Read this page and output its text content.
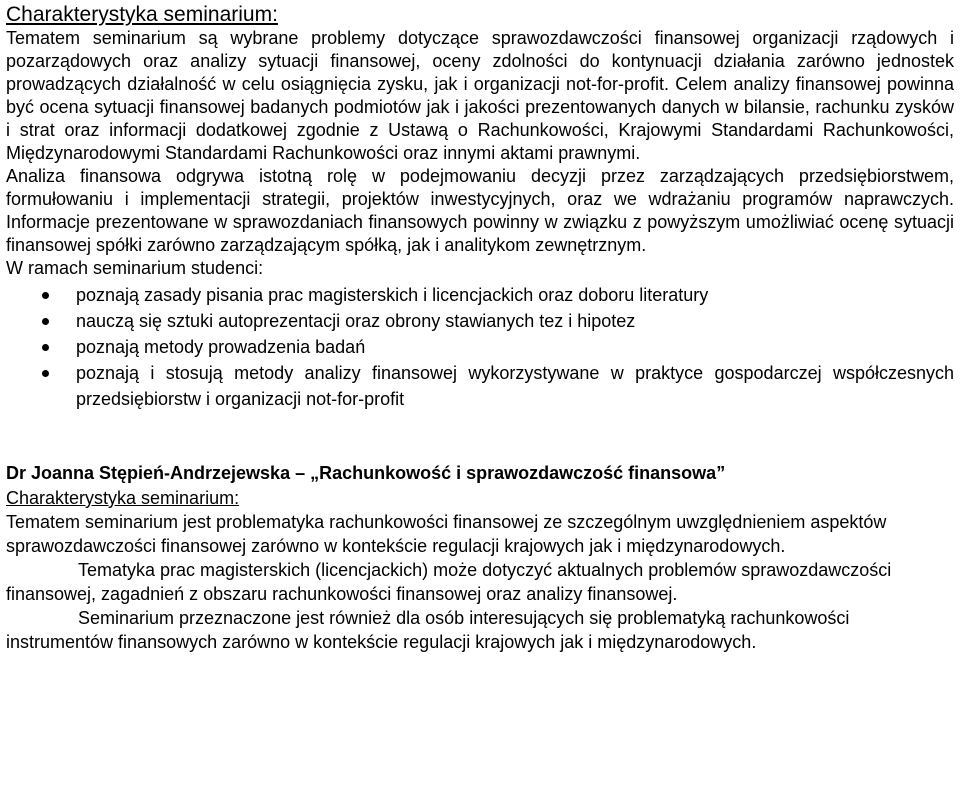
Charakterystyka seminarium:

Tematem seminarium są wybrane problemy dotyczące sprawozdawczości finansowej organizacji rządowych i pozarządowych oraz analizy sytuacji finansowej, oceny zdolności do kontynuacji działania zarówno jednostek prowadzących działalność w celu osiągnięcia zysku, jak i organizacji not-for-profit. Celem analizy finansowej powinna być ocena sytuacji finansowej badanych podmiotów jak i jakości prezentowanych danych w bilansie, rachunku zysków i strat oraz informacji dodatkowej zgodnie z Ustawą o Rachunkowości, Krajowymi Standardami Rachunkowości, Międzynarodowymi Standardami Rachunkowości oraz innymi aktami prawnymi.

Analiza finansowa odgrywa istotną rolę w podejmowaniu decyzji przez zarządzających przedsiębiorstwem, formułowaniu i implementacji strategii, projektów inwestycyjnych, oraz we wdrażaniu programów naprawczych. Informacje prezentowane w sprawozdaniach finansowych powinny w związku z powyższym umożliwiać ocenę sytuacji finansowej spółki zarówno zarządzającym spółką, jak i analitykom zewnętrznym.

W ramach seminarium studenci:

poznają zasady pisania prac magisterskich i licencjackich oraz doboru literatury
nauczą się sztuki autoprezentacji oraz obrony stawianych tez i hipotez
poznają metody prowadzenia badań
poznają i stosują metody analizy finansowej wykorzystywane w praktyce gospodarczej współczesnych przedsiębiorstw i organizacji not-for-profit

Dr Joanna Stępień-Andrzejewska – „Rachunkowość i sprawozdawczość finansowa”

Charakterystyka seminarium:

Tematem seminarium jest problematyka rachunkowości finansowej ze szczególnym uwzględnieniem aspektów sprawozdawczości finansowej zarówno w kontekście regulacji krajowych jak i międzynarodowych.

Tematyka prac magisterskich (licencjackich) może dotyczyć aktualnych problemów sprawozdawczości finansowej, zagadnień z obszaru rachunkowości finansowej oraz analizy finansowej.

Seminarium przeznaczone jest również dla osób interesujących się problematyką rachunkowości instrumentów finansowych zarówno w kontekście regulacji krajowych jak i międzynarodowych.
